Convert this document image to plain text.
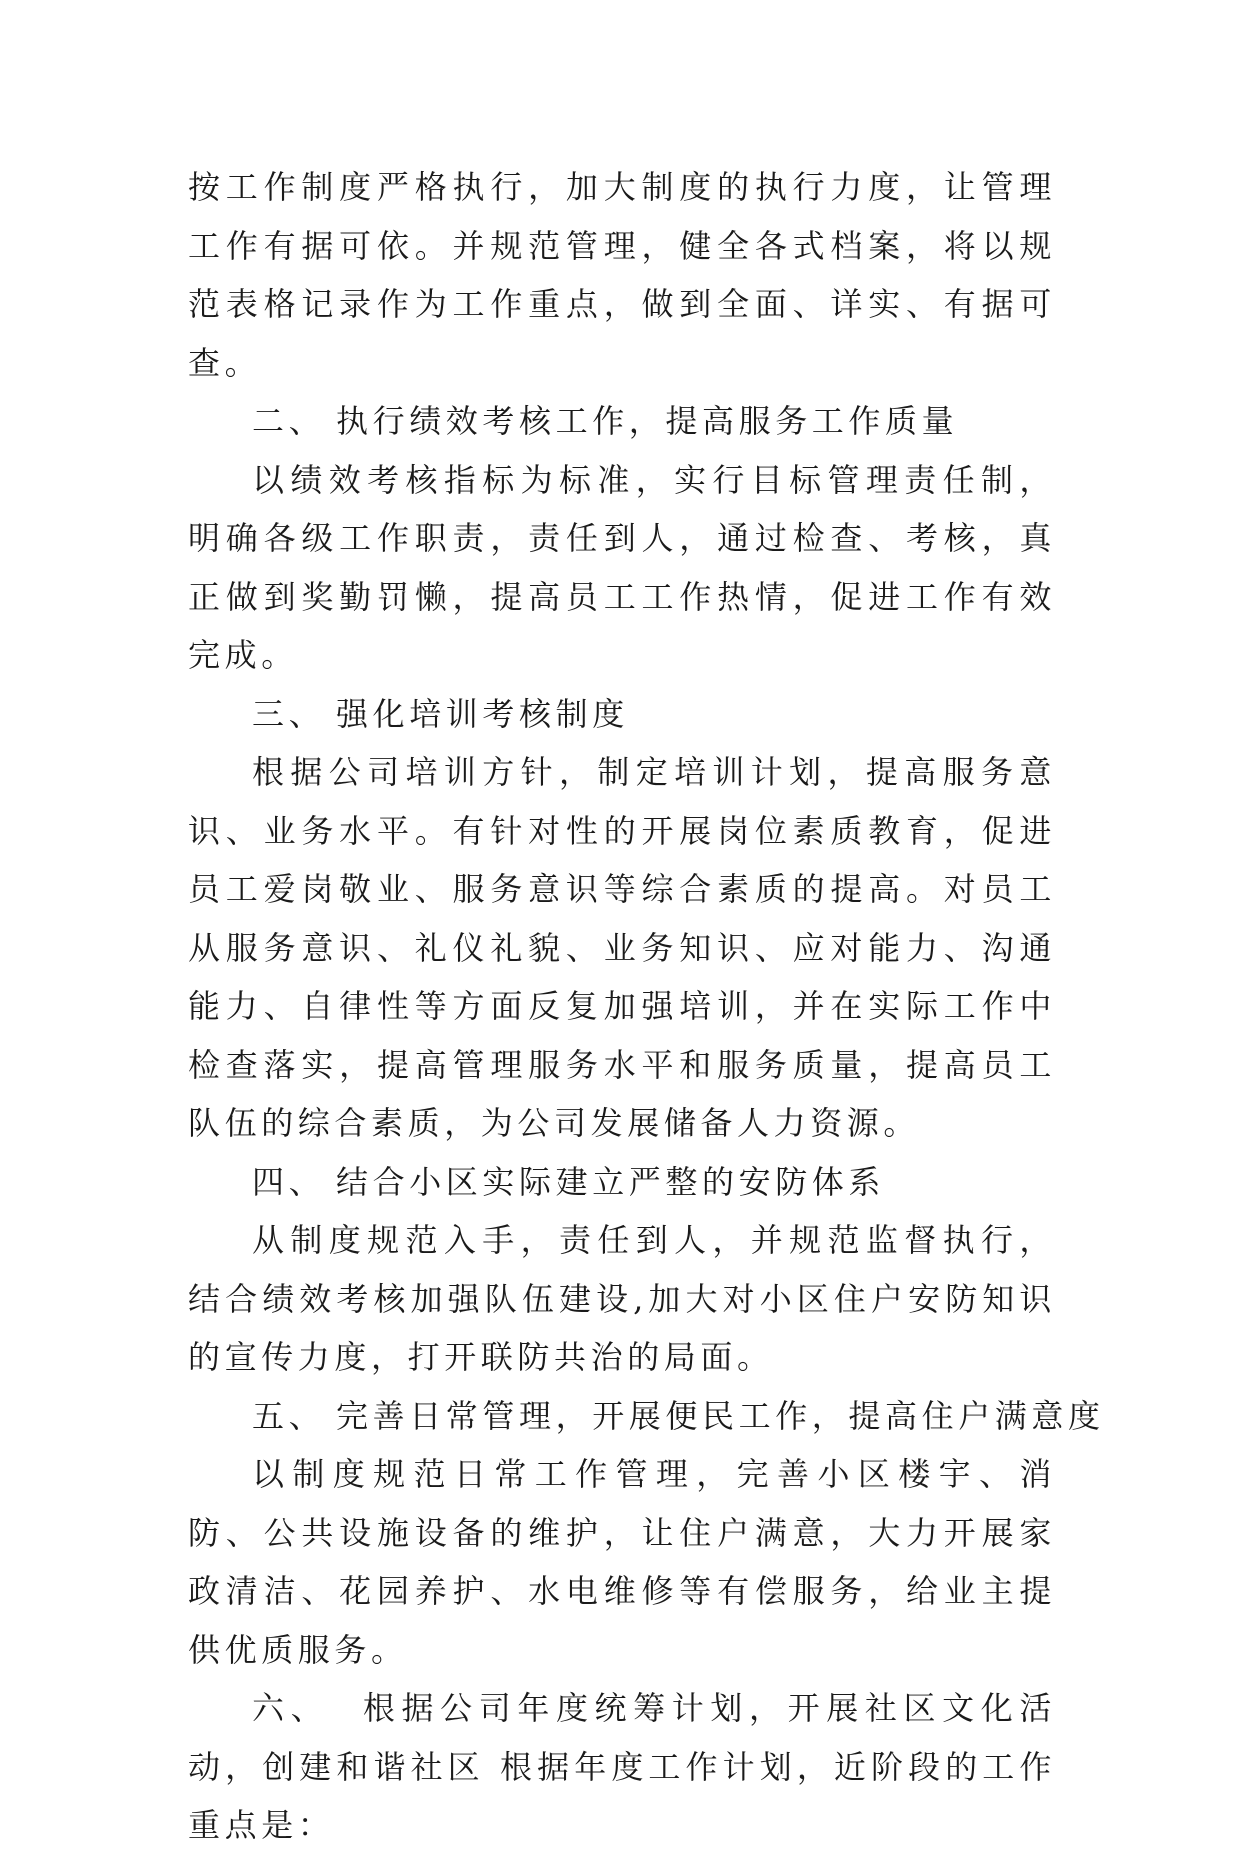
按工作制度严格执行，加大制度的执行力度，让管理工作有据可依。并规范管理，健全各式档案，将以规范表格记录作为工作重点，做到全面、详实、有据可查。

二、 执行绩效考核工作，提高服务工作质量

以绩效考核指标为标准，实行目标管理责任制，明确各级工作职责，责任到人，通过检查、考核，真正做到奖勤罚懒，提高员工工作热情，促进工作有效完成。

三、 强化培训考核制度

根据公司培训方针，制定培训计划，提高服务意识、业务水平。有针对性的开展岗位素质教育，促进员工爱岗敬业、服务意识等综合素质的提高。对员工从服务意识、礼仪礼貌、业务知识、应对能力、沟通能力、自律性等方面反复加强培训，并在实际工作中检查落实，提高管理服务水平和服务质量，提高员工队伍的综合素质，为公司发展储备人力资源。

四、 结合小区实际建立严整的安防体系

从制度规范入手，责任到人，并规范监督执行，结合绩效考核加强队伍建设,加大对小区住户安防知识的宣传力度，打开联防共治的局面。

五、 完善日常管理，开展便民工作，提高住户满意度

以制度规范日常工作管理，完善小区楼宇、消防、公共设施设备的维护，让住户满意，大力开展家政清洁、花园养护、水电维修等有偿服务，给业主提供优质服务。

六、  根据公司年度统筹计划，开展社区文化活动，创建和谐社区 根据年度工作计划，近阶段的工作重点是：
